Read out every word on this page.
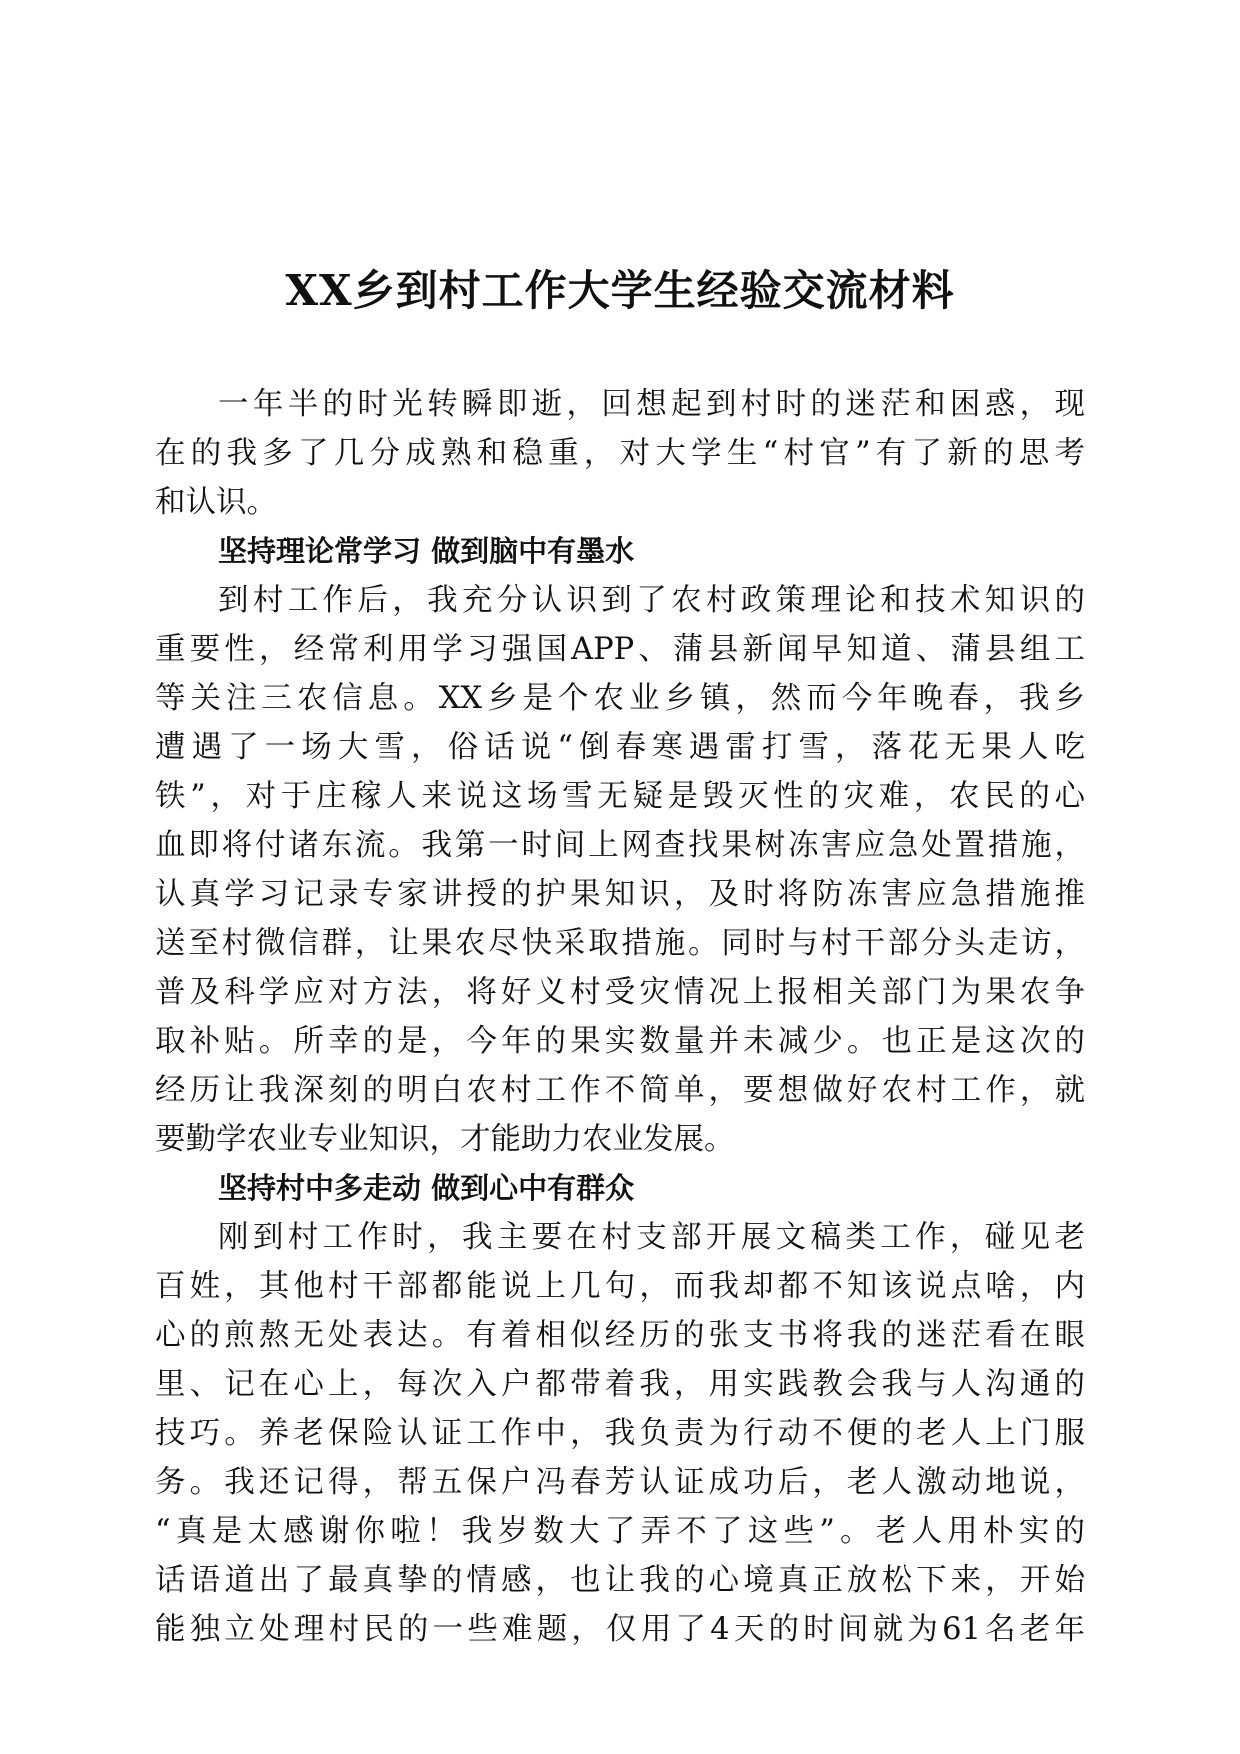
XX乡到村工作大学生经验交流材料
一年半的时光转瞬即逝，回想起到村时的迷茫和困惑，现
在的我多了几分成熟和稳重，对大学生“村官”有了新的思考
和认识。
坚持理论常学习 做到脑中有墨水
到村工作后，我充分认识到了农村政策理论和技术知识的
重要性，经常利用学习强国APP、蒲县新闻早知道、蒲县组工
等关注三农信息。XX乡是个农业乡镇，然而今年晚春，我乡
遭遇了一场大雪，俗话说“倒春寒遇雷打雪，落花无果人吃
铁”，对于庄稼人来说这场雪无疑是毁灭性的灾难，农民的心
血即将付诸东流。我第一时间上网查找果树冻害应急处置措施，
认真学习记录专家讲授的护果知识，及时将防冻害应急措施推
送至村微信群，让果农尽快采取措施。同时与村干部分头走访，
普及科学应对方法，将好义村受灾情况上报相关部门为果农争
取补贴。所幸的是，今年的果实数量并未减少。也正是这次的
经历让我深刻的明白农村工作不简单，要想做好农村工作，就
要勤学农业专业知识，才能助力农业发展。
坚持村中多走动 做到心中有群众
刚到村工作时，我主要在村支部开展文稿类工作，碰见老
百姓，其他村干部都能说上几句，而我却都不知该说点啥，内
心的煎熬无处表达。有着相似经历的张支书将我的迷茫看在眼
里、记在心上，每次入户都带着我，用实践教会我与人沟通的
技巧。养老保险认证工作中，我负责为行动不便的老人上门服
务。我还记得，帮五保户冯春芳认证成功后，老人激动地说，
“真是太感谢你啦！我岁数大了弄不了这些”。老人用朴实的
话语道出了最真挚的情感，也让我的心境真正放松下来，开始
能独立处理村民的一些难题，仅用了4天的时间就为61名老年
